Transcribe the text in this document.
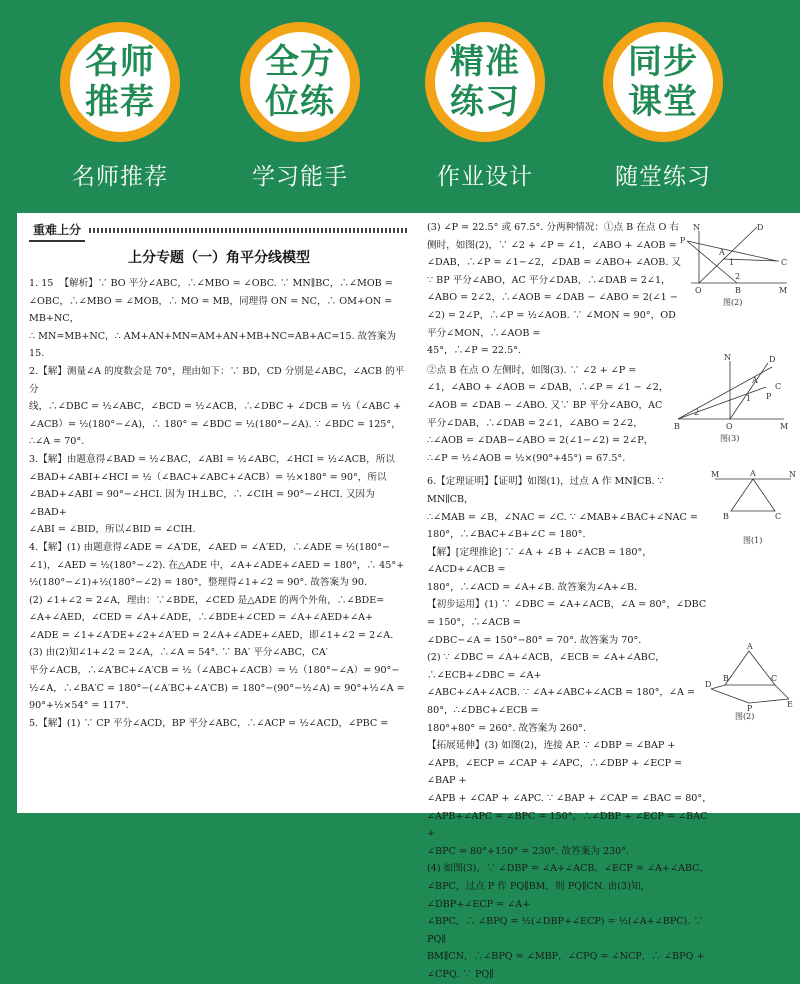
名师推荐
全方位练
精准练习
同步课堂
名师推荐	学习能手	作业设计	随堂练习
重难上分
上分专题（一）角平分线模型
1. 15  【解析】∵ BO 平分∠ABC，∴∠MBO = ∠OBC. ∵ MN∥BC，∴∠MOB =
∠OBC，∴∠MBO = ∠MOB，∴ MO = MB，同理得 ON = NC，∴ OM+ON = MB+NC，
∴ MN=MB+NC，∴ AM+AN+MN=AM+AN+MB+NC=AB+AC=15. 故答案为 15.
2.【解】测量∠A 的度数会是 70°，理由如下：∵ BD，CD 分别是∠ABC，∠ACB 的平分
线，∴∠DBC = ½∠ABC，∠BCD = ½∠ACB，∴∠DBC + ∠DCB = ½（∠ABC +
∠ACB）= ½(180°−∠A)，∴ 180° = ∠BDC = ½(180°−∠A). ∵ ∠BDC = 125°，
∴∠A = 70°.
3.【解】由题意得∠BAD = ½∠BAC，∠ABI = ½∠ABC，∠HCI = ½∠ACB，所以
∠BAD+∠ABI+∠HCI = ½（∠BAC+∠ABC+∠ACB）= ½×180° = 90°，所以
∠BAD+∠ABI = 90°−∠HCI. 因为 IH⊥BC，∴ ∠CIH = 90°−∠HCI. 又因为∠BAD+
∠ABI = ∠BID，所以∠BID = ∠CIH.
4.【解】(1) 由题意得∠ADE = ∠A′DE，∠AED = ∠A′ED，∴∠ADE = ½(180°−
∠1)，∠AED = ½(180°−∠2). 在△ADE 中，∠A+∠ADE+∠AED = 180°，∴ 45°+
½(180°−∠1)+½(180°−∠2) = 180°，整理得∠1+∠2 = 90°. 故答案为 90.
(2) ∠1+∠2 = 2∠A，理由：∵∠BDE，∠CED 是△ADE 的两个外角，∴∠BDE=
∠A+∠AED，∠CED = ∠A+∠ADE，∴∠BDE+∠CED = ∠A+∠AED+∠A+
∠ADE = ∠1+∠A′DE+∠2+∠A′ED = 2∠A+∠ADE+∠AED，即∠1+∠2 = 2∠A.
(3) 由(2)知∠1+∠2 = 2∠A，∴∠A = 54°. ∵ BA′ 平分∠ABC，CA′
平分∠ACB，∴∠A′BC+∠A′CB = ½（∠ABC+∠ACB）= ½（180°−∠A）= 90°−
½∠A，∴∠BA′C = 180°−(∠A′BC+∠A′CB) = 180°−(90°−½∠A) = 90°+½∠A =
90°+½×54° = 117°.
5.【解】(1) ∵ CP 平分∠ACD，BP 平分∠ABC，∴∠ACP = ½∠ACD，∠PBC =
(3) ∠P = 22.5° 或 67.5°. 分两种情况：①点 B 在点 O 右
侧时，如图(2)，∵ ∠2 + ∠P = ∠1，∠ABO + ∠AOB =
∠DAB，∴∠P = ∠1−∠2，∠DAB = ∠ABO+ ∠AOB. 又
∵ BP 平分∠ABO，AC 平分∠DAB，∴∠DAB = 2∠1，
∠ABO = 2∠2，∴∠AOB = ∠DAB − ∠ABO = 2(∠1 −
∠2) = 2∠P，∴∠P = ½∠AOB. ∵ ∠MON = 90°，OD 平分∠MON，∴∠AOB =
45°，∴∠P = 22.5°.
②点 B 在点 O 左侧时，如图(3). ∵ ∠2 + ∠P =
∠1，∠ABO + ∠AOB = ∠DAB，∴∠P = ∠1 − ∠2，
∠AOB = ∠DAB − ∠ABO. 又∵ BP 平分∠ABO，AC
平分∠DAB，∴∠DAB = 2∠1，∠ABO = 2∠2，
∴∠AOB = ∠DAB−∠ABO = 2(∠1−∠2) = 2∠P，
∴∠P = ½∠AOB = ½×(90°+45°) = 67.5°.
6.【定理证明】【证明】如图(1)，过点 A 作 MN∥CB. ∵ MN∥CB，
∴∠MAB = ∠B，∠NAC = ∠C. ∵ ∠MAB+∠BAC+∠NAC =
180°，∴∠BAC+∠B+∠C = 180°.
【解】[定理推论] ∵ ∠A + ∠B + ∠ACB = 180°，∠ACD+∠ACB =
180°，∴∠ACD = ∠A+∠B. 故答案为∠A+∠B.
【初步运用】(1) ∵ ∠DBC = ∠A+∠ACB，∠A = 80°，∠DBC = 150°，∴∠ACB =
∠DBC−∠A = 150°−80° = 70°. 故答案为 70°.
(2) ∵ ∠DBC = ∠A+∠ACB，∠ECB = ∠A+∠ABC，∴∠ECB+∠DBC = ∠A+
∠ABC+∠A+∠ACB. ∵ ∠A+∠ABC+∠ACB = 180°，∠A = 80°，∴∠DBC+∠ECB =
180°+80° = 260°. 故答案为 260°.
【拓展延伸】(3) 如图(2)，连接 AP. ∵ ∠DBP = ∠BAP +
∠APB，∠ECP = ∠CAP + ∠APC，∴∠DBP + ∠ECP = ∠BAP +
∠APB + ∠CAP + ∠APC. ∵ ∠BAP + ∠CAP = ∠BAC = 80°，
∠APB+∠APC = ∠BPC = 150°，∴∠DBP + ∠ECP = ∠BAC +
∠BPC = 80°+150° = 230°. 故答案为 230°.
(4) 如图(3)，∵ ∠DBP = ∠A+∠ACB，∠ECP = ∠A+∠ABC，
∠BPC，过点 P 作 PQ∥BM，则 PQ∥CN. 由(3)知，∠DBP+∠ECP = ∠A+
∠BPC，∴ ∠BPQ = ½(∠DBP+∠ECP) = ½(∠A+∠BPC). ∵ PQ∥
BM∥CN，∴∠BPQ = ∠MBP，∠CPQ = ∠NCP，∴ ∠BPQ + ∠CPQ. ∵ PQ∥
N	D
P
A
C
1
2
O	B	M
图(2)
N	D
A
C
P
1
2
B	O	M
图(3)
M	A	N
B	C
图(1)
A
D
B	C
E
P
图(2)
